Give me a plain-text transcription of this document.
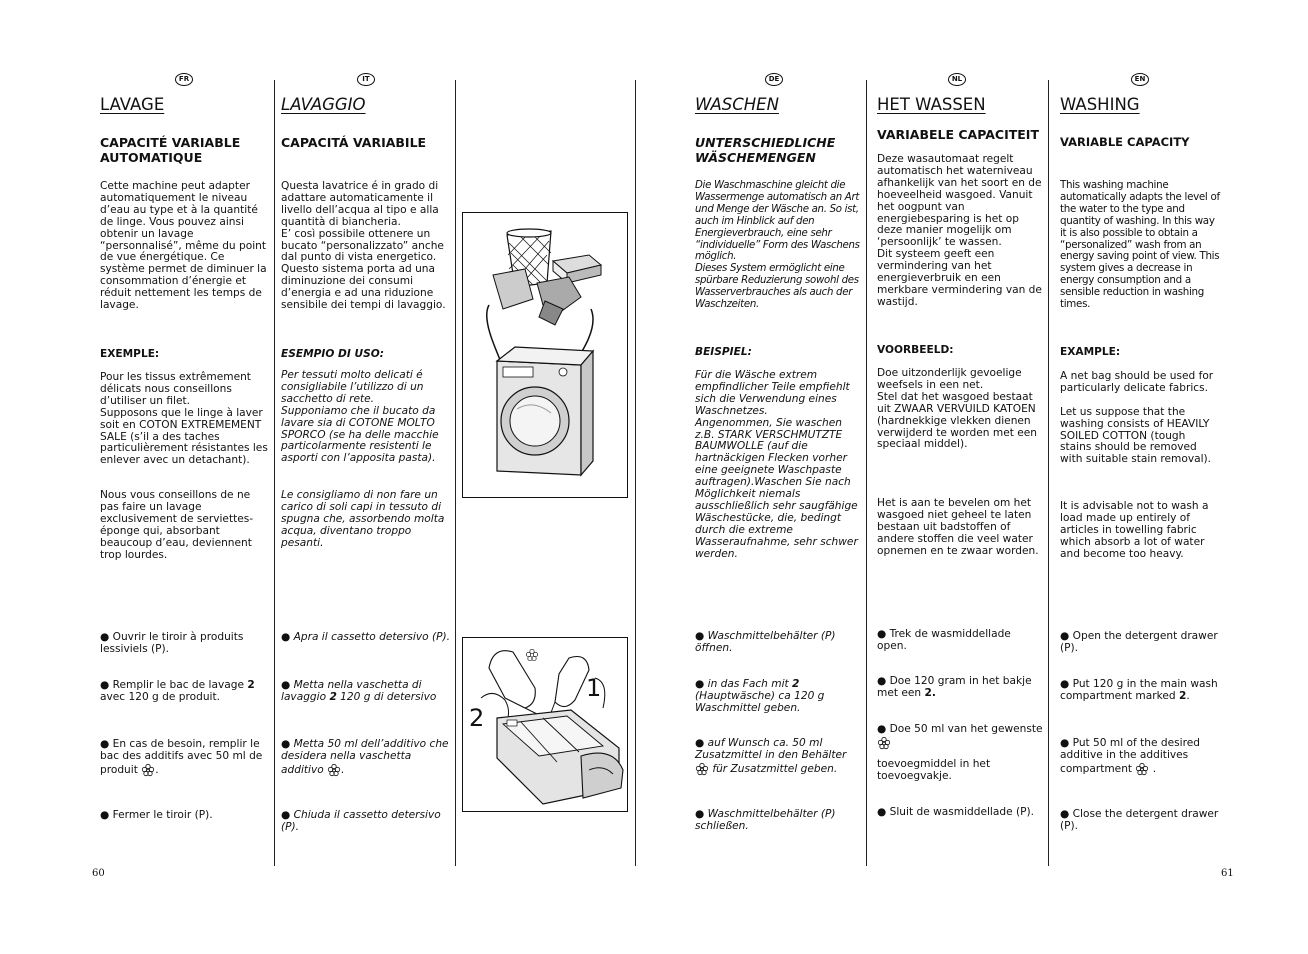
FR
LAVAGE
CAPACITÉ VARIABLE AUTOMATIQUE
Cette machine peut adapter automatiquement le niveau d’eau au type et à la quantité de linge. Vous pouvez ainsi obtenir un lavage “personnalisé”, même du point de vue énergétique. Ce système permet de diminuer la consommation d’énergie et réduit nettement les temps de lavage.
EXEMPLE:
Pour les tissus extrêmement délicats nous conseillons d’utiliser un filet.
Supposons que le linge à laver soit en COTON EXTREMEMENT SALE (s’il a des taches particulièrement résistantes les enlever avec un detachant).
Nous vous conseillons de ne pas faire un lavage exclusivement de serviettes-éponge qui, absorbant beaucoup d’eau, deviennent trop lourdes.
● Ouvrir le tiroir à produits lessiviels (P).
● Remplir le bac de lavage 2 avec 120 g de produit.
● En cas de besoin, remplir le bac des additifs avec 50 ml de produit .
● Fermer le tiroir (P).
IT
LAVAGGIO
CAPACITÁ VARIABILE
Questa lavatrice é in grado di adattare automaticamente il livello dell’acqua al tipo e alla quantità di biancheria.
E’ così possibile ottenere un bucato “personalizzato” anche dal punto di vista energetico.
Questo sistema porta ad una diminuzione dei consumi d’energia e ad una riduzione sensibile dei tempi di lavaggio.
ESEMPIO DI USO:
Per tessuti molto delicati é consigliabile l’utilizzo di un sacchetto di rete.
Supponiamo che il bucato da lavare sia di COTONE MOLTO SPORCO (se ha delle macchie particolarmente resistenti le asporti con l’apposita pasta).
Le consigliamo di non fare un carico di soli capi in tessuto di spugna che, assorbendo molta acqua, diventano troppo pesanti.
● Apra il cassetto detersivo (P).
● Metta nella vaschetta di lavaggio 2 120 g di detersivo
● Metta 50 ml dell’additivo che desidera nella vaschetta additivo .
● Chiuda il cassetto detersivo (P).
2
1
DE
WASCHEN
UNTERSCHIEDLICHE WÄSCHEMENGEN
Die Waschmaschine gleicht die Wassermenge automatisch an Art und Menge der Wäsche an. So ist, auch im Hinblick auf den Energieverbrauch, eine sehr “individuelle” Form des Waschens möglich.
Dieses System ermöglicht eine spürbare Reduzierung sowohl des Wasserverbrauches als auch der Waschzeiten.
BEISPIEL:
Für die Wäsche extrem empfindlicher Teile empfiehlt sich die Verwendung eines Waschnetzes.
Angenommen, Sie waschen z.B. STARK VERSCHMUTZTE BAUMWOLLE (auf die hartnäckigen Flecken vorher eine geeignete Waschpaste auftragen).Waschen Sie nach Möglichkeit niemals ausschließlich sehr saugfähige Wäschestücke, die, bedingt durch die extreme Wasseraufnahme, sehr schwer werden.
● Waschmittelbehälter (P) öffnen.
● in das Fach mit 2 (Hauptwäsche) ca 120 g Waschmittel geben.
● auf Wunsch ca. 50 ml Zusatzmittel in den Behälter  für Zusatzmittel geben.
● Waschmittelbehälter (P) schließen.
NL
HET WASSEN
VARIABELE CAPACITEIT
Deze wasautomaat regelt automatisch het waterniveau afhankelijk van het soort en de hoeveelheid wasgoed. Vanuit het oogpunt van energiebesparing is het op deze manier mogelijk om ‘persoonlijk’ te wassen.
Dit systeem geeft een vermindering van het energieverbruik en een merkbare vermindering van de wastijd.
VOORBEELD:
Doe uitzonderlijk gevoelige weefsels in een net.
Stel dat het wasgoed bestaat uit ZWAAR VERVUILD KATOEN (hardnekkige vlekken dienen verwijderd te worden met een speciaal middel).
Het is aan te bevelen om het wasgoed niet geheel te laten bestaan uit badstoffen of andere stoffen die veel water opnemen en te zwaar worden.
● Trek de wasmiddellade open.
● Doe 120 gram in het bakje met een 2.
● Doe 50 ml van het gewenste
toevoegmiddel in het toevoegvakje.
● Sluit de wasmiddellade (P).
EN
WASHING
VARIABLE CAPACITY
This washing machine automatically adapts the level of the water to the type and quantity of washing. In this way it is also possible to obtain a “personalized” wash from an energy saving point of view. This system gives a decrease in energy consumption and a sensible reduction in washing times.
EXAMPLE:
A net bag should be used for particularly delicate fabrics.

Let us suppose that the washing consists of HEAVILY SOILED COTTON (tough stains should be removed with suitable stain removal).
It is advisable not to wash a load made up entirely of articles in towelling fabric which absorb a lot of water and become too heavy.
● Open the detergent drawer (P).
● Put 120 g in the main wash compartment marked 2.
● Put 50 ml of the desired additive in the additives compartment  .
● Close the detergent drawer (P).
60	61
